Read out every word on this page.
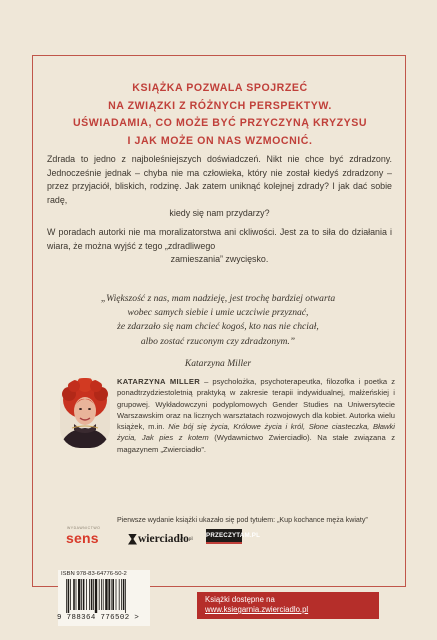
KSIĄŻKA POZWALA SPOJRZEĆ
NA ZWIĄZKI Z RÓŻNYCH PERSPEKTYW.
UŚWIADAMIA, CO MOŻE BYĆ PRZYCZYNĄ KRYZYSU
I JAK MOŻE ON NAS WZMOCNIĆ.
Zdrada to jedno z najboleśniejszych doświadczeń. Nikt nie chce być zdradzony. Jednocześnie jednak – chyba nie ma człowieka, który nie został kiedyś zdradzony – przez przyjaciół, bliskich, rodzinę. Jak zatem uniknąć kolejnej zdrady? I jak dać sobie radę,
kiedy się nam przydarzy?
W poradach autorki nie ma moralizatorstwa ani ckliwości. Jest za to siła do działania i wiara, że można wyjść z tego „zdradliwego
zamieszania” zwycięsko.
„Większość z nas, mam nadzieję, jest trochę bardziej otwarta
wobec samych siebie i umie uczciwie przyznać,
że zdarzało się nam chcieć kogoś, kto nas nie chciał,
albo zostać rzuconym czy zdradzonym.”
Katarzyna Miller
KATARZYNA MILLER – psycholożka, psychoterapeutka, filozofka i poetka z ponadtrzydziestoletnią praktyką w zakresie terapii indywidualnej, małżeńskiej i grupowej. Wykładowczyni podyplomowych Gender Studies na Uniwersytecie Warszawskim oraz na licznych warsztatach rozwojowych dla kobiet. Autorka wielu książek, m.in. Nie bój się życia, Królowe życia i król, Słone ciasteczka, Bławki życia, Jak pies z kotem (Wydawnictwo Zwierciadło). Na stałe związana z magazynem „Zwierciadło”.
Pierwsze wydanie książki ukazało się pod tytułem: „Kup kochance męża kwiaty”
WYDAWNICTWO
sens	wierciadło pl PRZECZYTAM.PL
ISBN 978-83-64776-50-2
9 788364 776502 >
Książki dostępne na
www.ksiegarnia.zwierciadlo.pl
